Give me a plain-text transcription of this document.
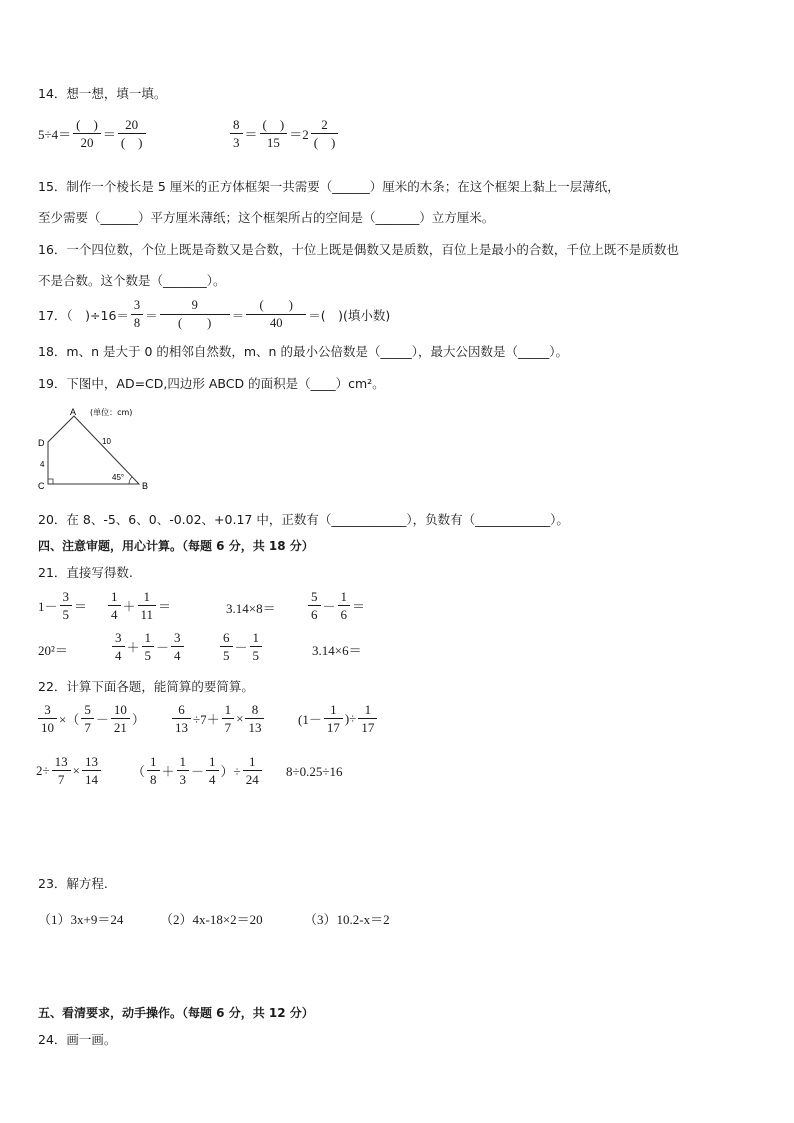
14．想一想，填一填。
$5\div 4= \frac{( )}{20} = \frac{20}{( )}$	$\frac{8}{3} = \frac{( )}{15} =2 \frac{2}{( )}$
15．制作一个棱长是 5 厘米的正方体框架一共需要（______）厘米的木条；在这个框架上黏上一层薄纸，
至少需要（______）平方厘米薄纸；这个框架所占的空间是（_______）立方厘米。
16．一个四位数，个位上既是奇数又是合数，十位上既是偶数又是质数，百位上是最小的合数，千位上既不是质数也
不是合数。这个数是（_______）。
17．（　)$\div 16= \frac{3}{8} = \frac{9}{( )} = \frac{( )}{40}$ ＝(　)(填小数)
18．m、n 是大于 0 的相邻自然数，m、n 的最小公倍数是（_____），最大公因数是（_____）。
19．下图中，AD=CD,四边形 ABCD 的面积是（____）cm²。
A (单位：cm)
D
C	B
10
4
45°
20．在 8、-5、6、0、-0.02、+0.17 中，正数有（____________），负数有（____________）。
四、注意审题，用心计算。（每题 6 分，共 18 分）
21．直接写得数.
$1- \frac{3}{5} = \frac{1}{4} + \frac{1}{11}$ ＝	$3.14\times 8= \frac{5}{6} - \frac{1}{6}$ ＝
20²＝	$\frac{3}{4} + \frac{1}{5} - \frac{3}{4}$	$\frac{6}{5} - \frac{1}{5}$	3.14×6＝
22．计算下面各题，能简算的要简算。
$\frac{3}{10}$ ×（ $\frac{5}{7} - \frac{10}{21}$ ） $\frac{6}{13} \div 7+ \frac{1}{7} \times \frac{8}{13}$	($1- \frac{1}{17}$ )÷ $\frac{1}{17}$
$2\div \frac{13}{7} \times \frac{13}{14}$ （ $\frac{1}{8} + \frac{1}{3} - \frac{1}{4}$ ）÷ $\frac{1}{24} 8\div 0.25\div 16$
23．解方程.
（1）3x+9＝24	（2）4x-18×2＝20	（3）10.2-x＝2
五、看清要求，动手操作。（每题 6 分，共 12 分）
24．画一画。
